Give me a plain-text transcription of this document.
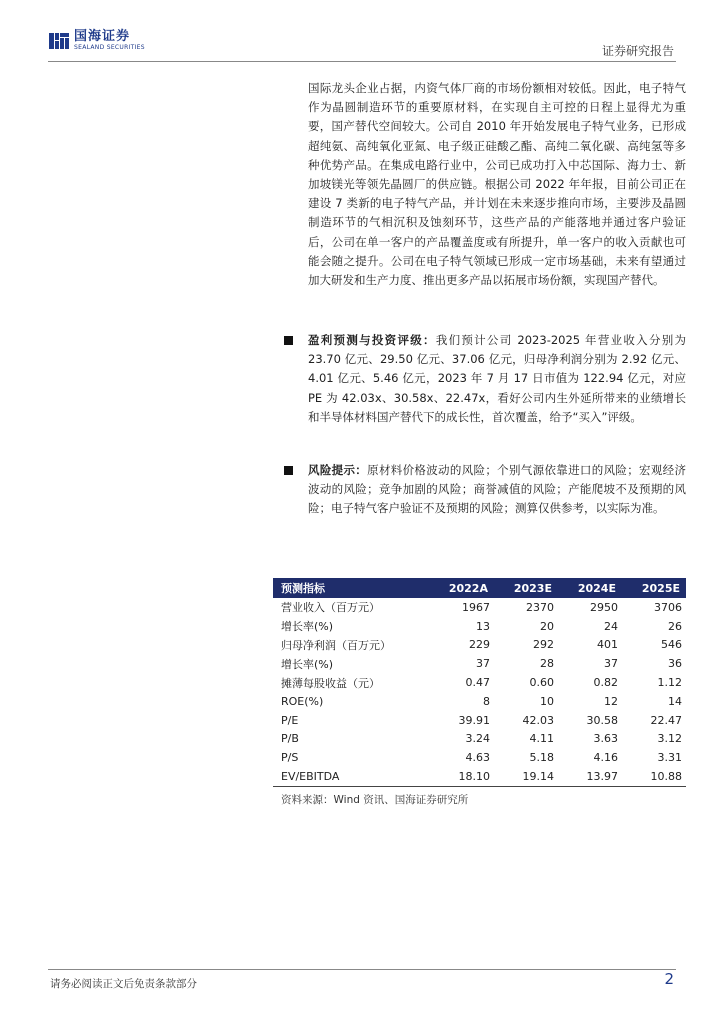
国海证券
SEALAND SECURITIES	证券研究报告

国际龙头企业占据，内资气体厂商的市场份额相对较低。因此，电子特气作为晶圆制造环节的重要原材料，在实现自主可控的日程上显得尤为重要，国产替代空间较大。公司自 2010 年开始发展电子特气业务，已形成超纯氨、高纯氧化亚氮、电子级正硅酸乙酯、高纯二氧化碳、高纯氢等多种优势产品。在集成电路行业中，公司已成功打入中芯国际、海力士、新加坡镁光等领先晶圆厂的供应链。根据公司 2022 年年报，目前公司正在建设 7 类新的电子特气产品，并计划在未来逐步推向市场，主要涉及晶圆制造环节的气相沉积及蚀刻环节，这些产品的产能落地并通过客户验证后，公司在单一客户的产品覆盖度或有所提升，单一客户的收入贡献也可能会随之提升。公司在电子特气领域已形成一定市场基础，未来有望通过加大研发和生产力度、推出更多产品以拓展市场份额，实现国产替代。

盈利预测与投资评级：我们预计公司 2023-2025 年营业收入分别为 23.70 亿元、29.50 亿元、37.06 亿元，归母净利润分别为 2.92 亿元、4.01 亿元、5.46 亿元，2023 年 7 月 17 日市值为 122.94 亿元，对应 PE 为 42.03x、30.58x、22.47x，看好公司内生外延所带来的业绩增长和半导体材料国产替代下的成长性，首次覆盖，给予“买入”评级。

风险提示：原材料价格波动的风险；个别气源依靠进口的风险；宏观经济波动的风险；竞争加剧的风险；商誉减值的风险；产能爬坡不及预期的风险；电子特气客户验证不及预期的风险；测算仅供参考，以实际为准。

预测指标	2022A	2023E	2024E	2025E
营业收入（百万元）	1967	2370	2950	3706
增长率(%)	13	20	24	26
归母净利润（百万元）	229	292	401	546
增长率(%)	37	28	37	36
摊薄每股收益（元）	0.47	0.60	0.82	1.12
ROE(%)	8	10	12	14
P/E	39.91	42.03	30.58	22.47
P/B	3.24	4.11	3.63	3.12
P/S	4.63	5.18	4.16	3.31
EV/EBITDA	18.10	19.14	13.97	10.88
资料来源：Wind 资讯、国海证券研究所
请务必阅读正文后免责条款部分	2
